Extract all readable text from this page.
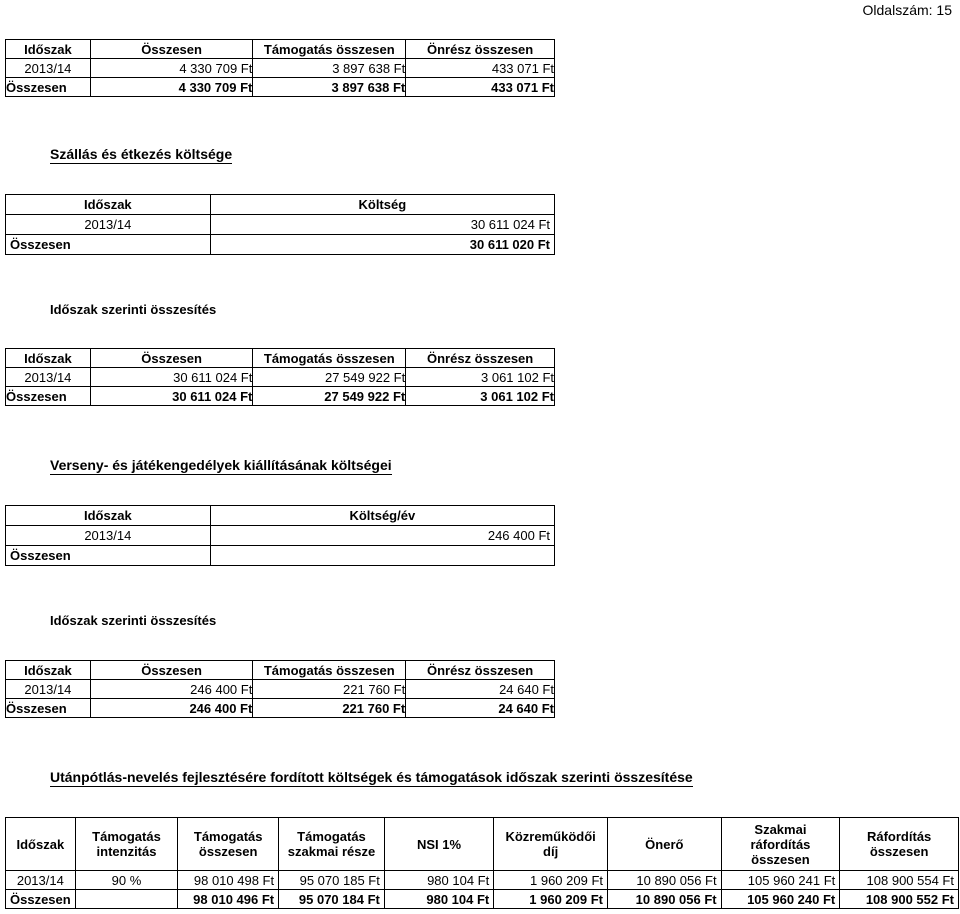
Oldalszám: 15
Időszak	Összesen	Támogatás összesen	Önrész összesen
2013/14	4 330 709 Ft	3 897 638 Ft	433 071 Ft
Összesen	4 330 709 Ft	3 897 638 Ft	433 071 Ft
Szállás és étkezés költsége
Időszak	Költség
2013/14	30 611 024 Ft
Összesen	30 611 020 Ft
Időszak szerinti összesítés
Időszak	Összesen	Támogatás összesen	Önrész összesen
2013/14	30 611 024 Ft	27 549 922 Ft	3 061 102 Ft
Összesen	30 611 024 Ft	27 549 922 Ft	3 061 102 Ft
Verseny- és játékengedélyek kiállításának költségei
Időszak	Költség/év
2013/14	246 400 Ft
Összesen	
Időszak szerinti összesítés
Időszak	Összesen	Támogatás összesen	Önrész összesen
2013/14	246 400 Ft	221 760 Ft	24 640 Ft
Összesen	246 400 Ft	221 760 Ft	24 640 Ft
Utánpótlás-nevelés fejlesztésére fordított költségek és támogatások időszak szerinti összesítése
Időszak	Támogatás intenzitás	Támogatás összesen	Támogatás szakmai része	NSI 1%	Közreműködői díj	Önerő	Szakmai ráfordítás összesen	Ráfordítás összesen
2013/14	90 %	98 010 498 Ft	95 070 185 Ft	980 104 Ft	1 960 209 Ft	10 890 056 Ft	105 960 241 Ft	108 900 554 Ft
Összesen		98 010 496 Ft	95 070 184 Ft	980 104 Ft	1 960 209 Ft	10 890 056 Ft	105 960 240 Ft	108 900 552 Ft
